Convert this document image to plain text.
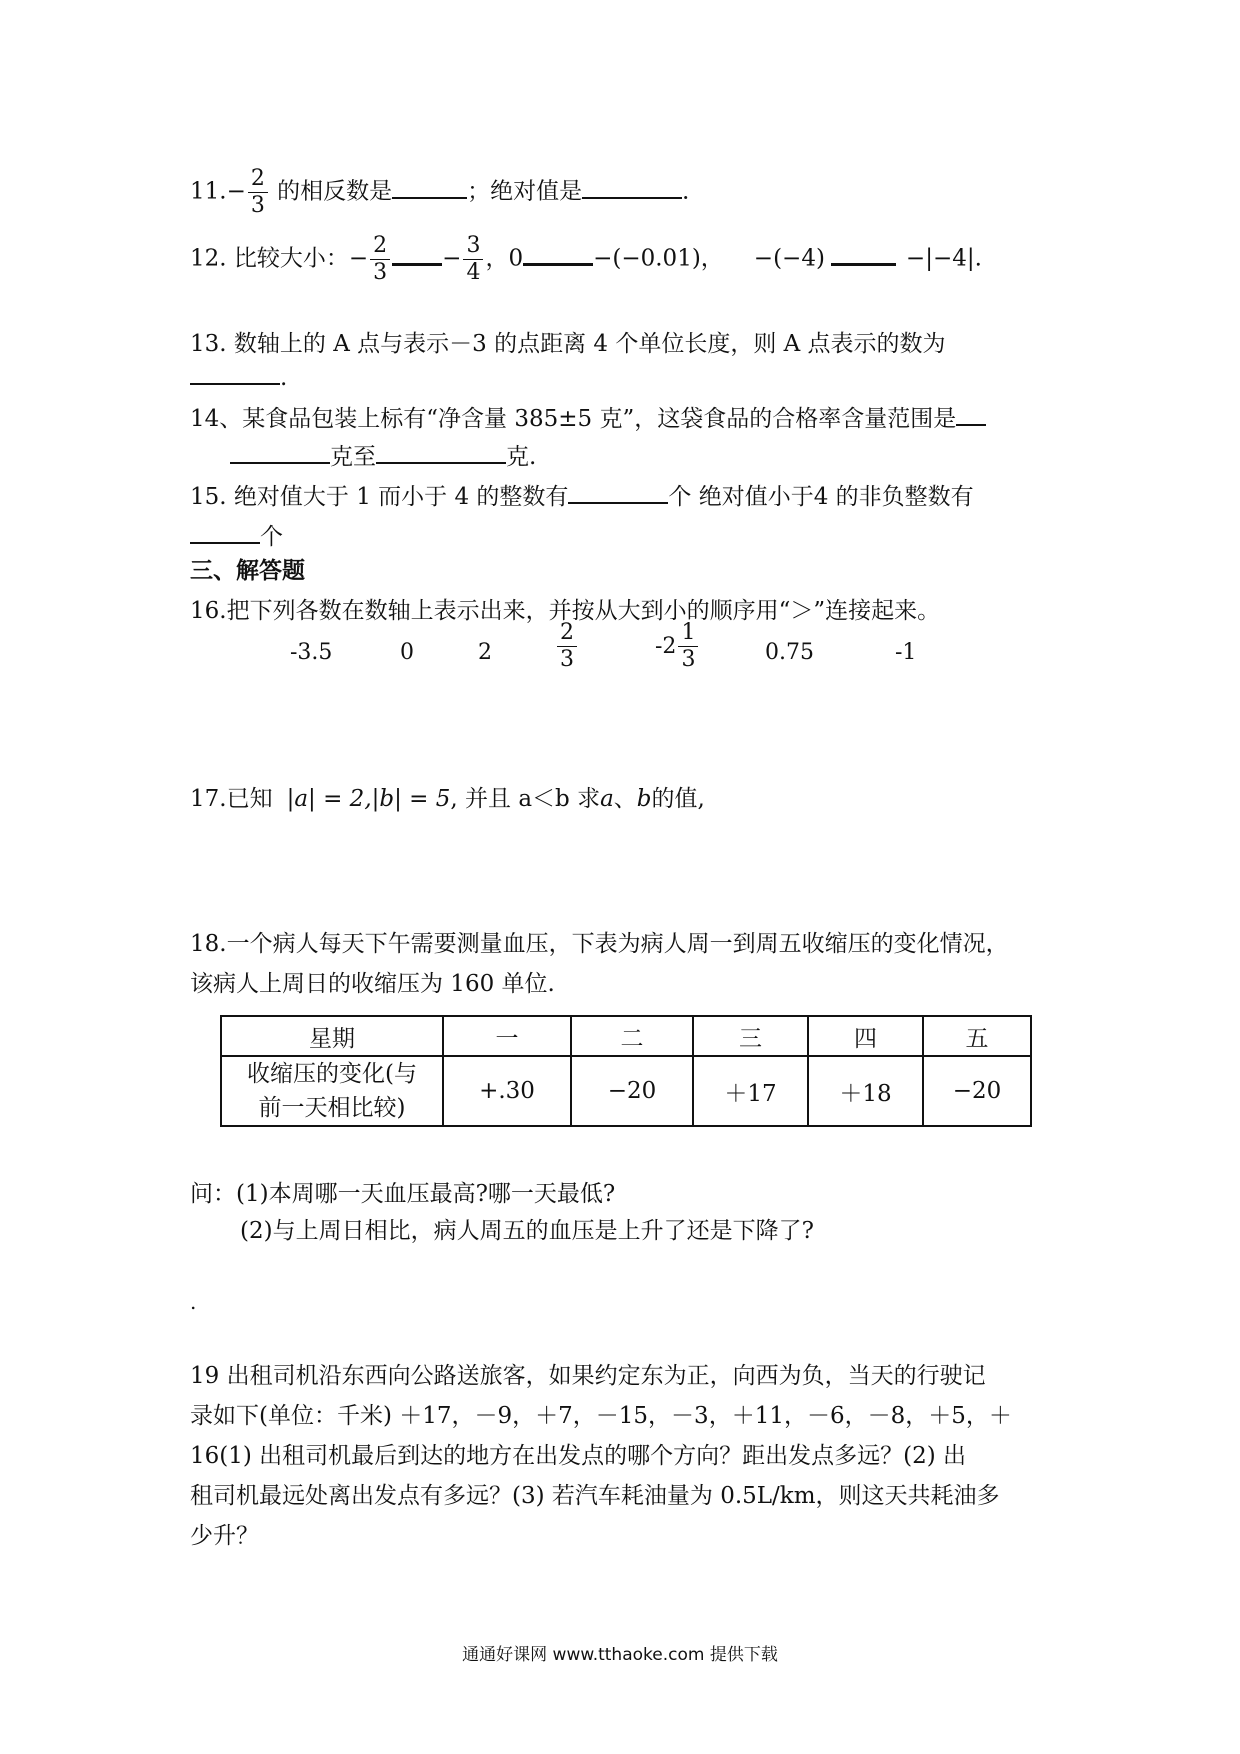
$11.- \frac{2}{3}$ 的相反数是	；绝对值是	．
12. 比较大小：− $\frac{2}{3} - \frac{3}{4}$ ，0	−(−0.01)， −(−4)	−|−4|.
13. 数轴上的 A 点与表示－3 的点距离 4 个单位长度，则 A 点表示的数为
.
14、某食品包装上标有“净含量 385±5 克”，这袋食品的合格率含量范围是
克至	克.
15. 绝对值大于 1 而小于 4 的整数有	个 绝对值小于4 的非负整数有
个
三、解答题
16.把下列各数在数轴上表示出来，并按从大到小的顺序用“＞”连接起来。
-3.5	0	2	$\frac{2}{3}$	$-2 \frac{1}{3}$	0.75	-1
17.已知 |a| = 2,|b| = 5, 并且 a＜b 求a、b的值,
18.一个病人每天下午需要测量血压，下表为病人周一到周五收缩压的变化情况，
该病人上周日的收缩压为 160 单位.
星期	一	二	三	四	五

收缩压的变化(与
前一天相比较)	+.30	−20	＋17	＋18	−20
问：(1)本周哪一天血压最高?哪一天最低?
(2)与上周日相比，病人周五的血压是上升了还是下降了?
.
19 出租司机沿东西向公路送旅客，如果约定东为正，向西为负，当天的行驶记
录如下(单位：千米) ＋17，－9，＋7，－15，－3，＋11，－6，－8，＋5，＋
16(1) 出租司机最后到达的地方在出发点的哪个方向？距出发点多远？(2) 出
租司机最远处离出发点有多远？(3) 若汽车耗油量为 0.5L/km，则这天共耗油多
少升？
通通好课网 www.tthaoke.com 提供下载
